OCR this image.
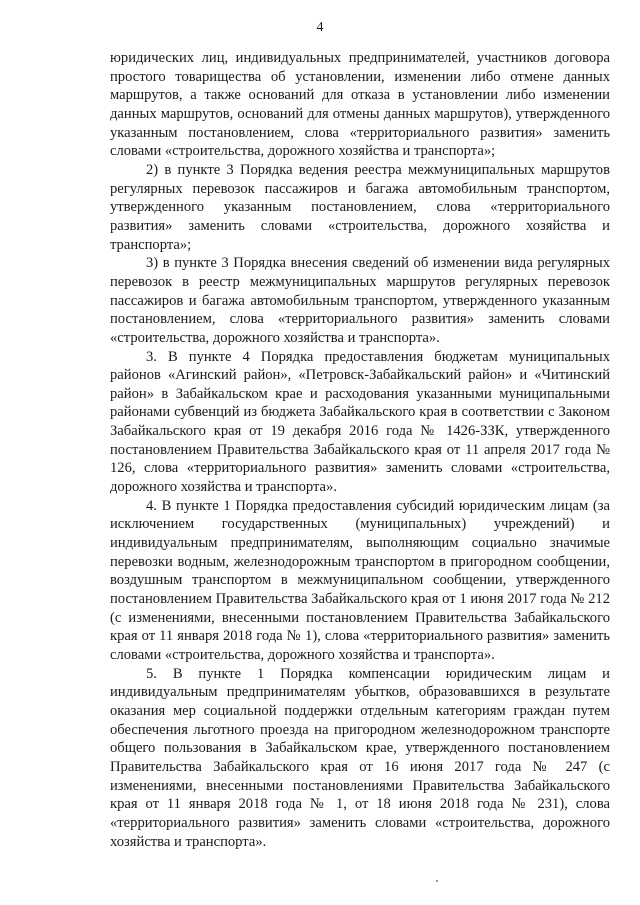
4

юридических лиц, индивидуальных предпринимателей, участников договора простого товарищества об установлении, изменении либо отмене данных маршрутов, а также оснований для отказа в установлении либо изменении данных маршрутов, оснований для отмены данных маршрутов), утвержденного указанным постановлением, слова «территориального развития» заменить словами «строительства, дорожного хозяйства и транспорта»;

2) в пункте 3 Порядка ведения реестра межмуниципальных маршрутов регулярных перевозок пассажиров и багажа автомобильным транспортом, утвержденного указанным постановлением, слова «территориального развития» заменить словами «строительства, дорожного хозяйства и транспорта»;

3) в пункте 3 Порядка внесения сведений об изменении вида регулярных перевозок в реестр межмуниципальных маршрутов регулярных перевозок пассажиров и багажа автомобильным транспортом, утвержденного указанным постановлением, слова «территориального развития» заменить словами «строительства, дорожного хозяйства и транспорта».

3. В пункте 4 Порядка предоставления бюджетам муниципальных районов «Агинский район», «Петровск-Забайкальский район» и «Читинский район» в Забайкальском крае и расходования указанными муниципальными районами субвенций из бюджета Забайкальского края в соответствии с Законом Забайкальского края от 19 декабря 2016 года № 1426-ЗЗК, утвержденного постановлением Правительства Забайкальского края от 11 апреля 2017 года № 126, слова «территориального развития» заменить словами «строительства, дорожного хозяйства и транспорта».

4. В пункте 1 Порядка предоставления субсидий юридическим лицам (за исключением государственных (муниципальных) учреждений) и индивидуальным предпринимателям, выполняющим социально значимые перевозки водным, железнодорожным транспортом в пригородном сообщении, воздушным транспортом в межмуниципальном сообщении, утвержденного постановлением Правительства Забайкальского края от 1 июня 2017 года № 212 (с изменениями, внесенными постановлением Правительства Забайкальского края от 11 января 2018 года № 1), слова «территориального развития» заменить словами «строительства, дорожного хозяйства и транспорта».

5. В пункте 1 Порядка компенсации юридическим лицам и индивидуальным предпринимателям убытков, образовавшихся в результате оказания мер социальной поддержки отдельным категориям граждан путем обеспечения льготного проезда на пригородном железнодорожном транспорте общего пользования в Забайкальском крае, утвержденного постановлением Правительства Забайкальского края от 16 июня 2017 года № 247 (с изменениями, внесенными постановлениями Правительства Забайкальского края от 11 января 2018 года № 1, от 18 июня 2018 года № 231), слова «территориального развития» заменить словами «строительства, дорожного хозяйства и транспорта».
